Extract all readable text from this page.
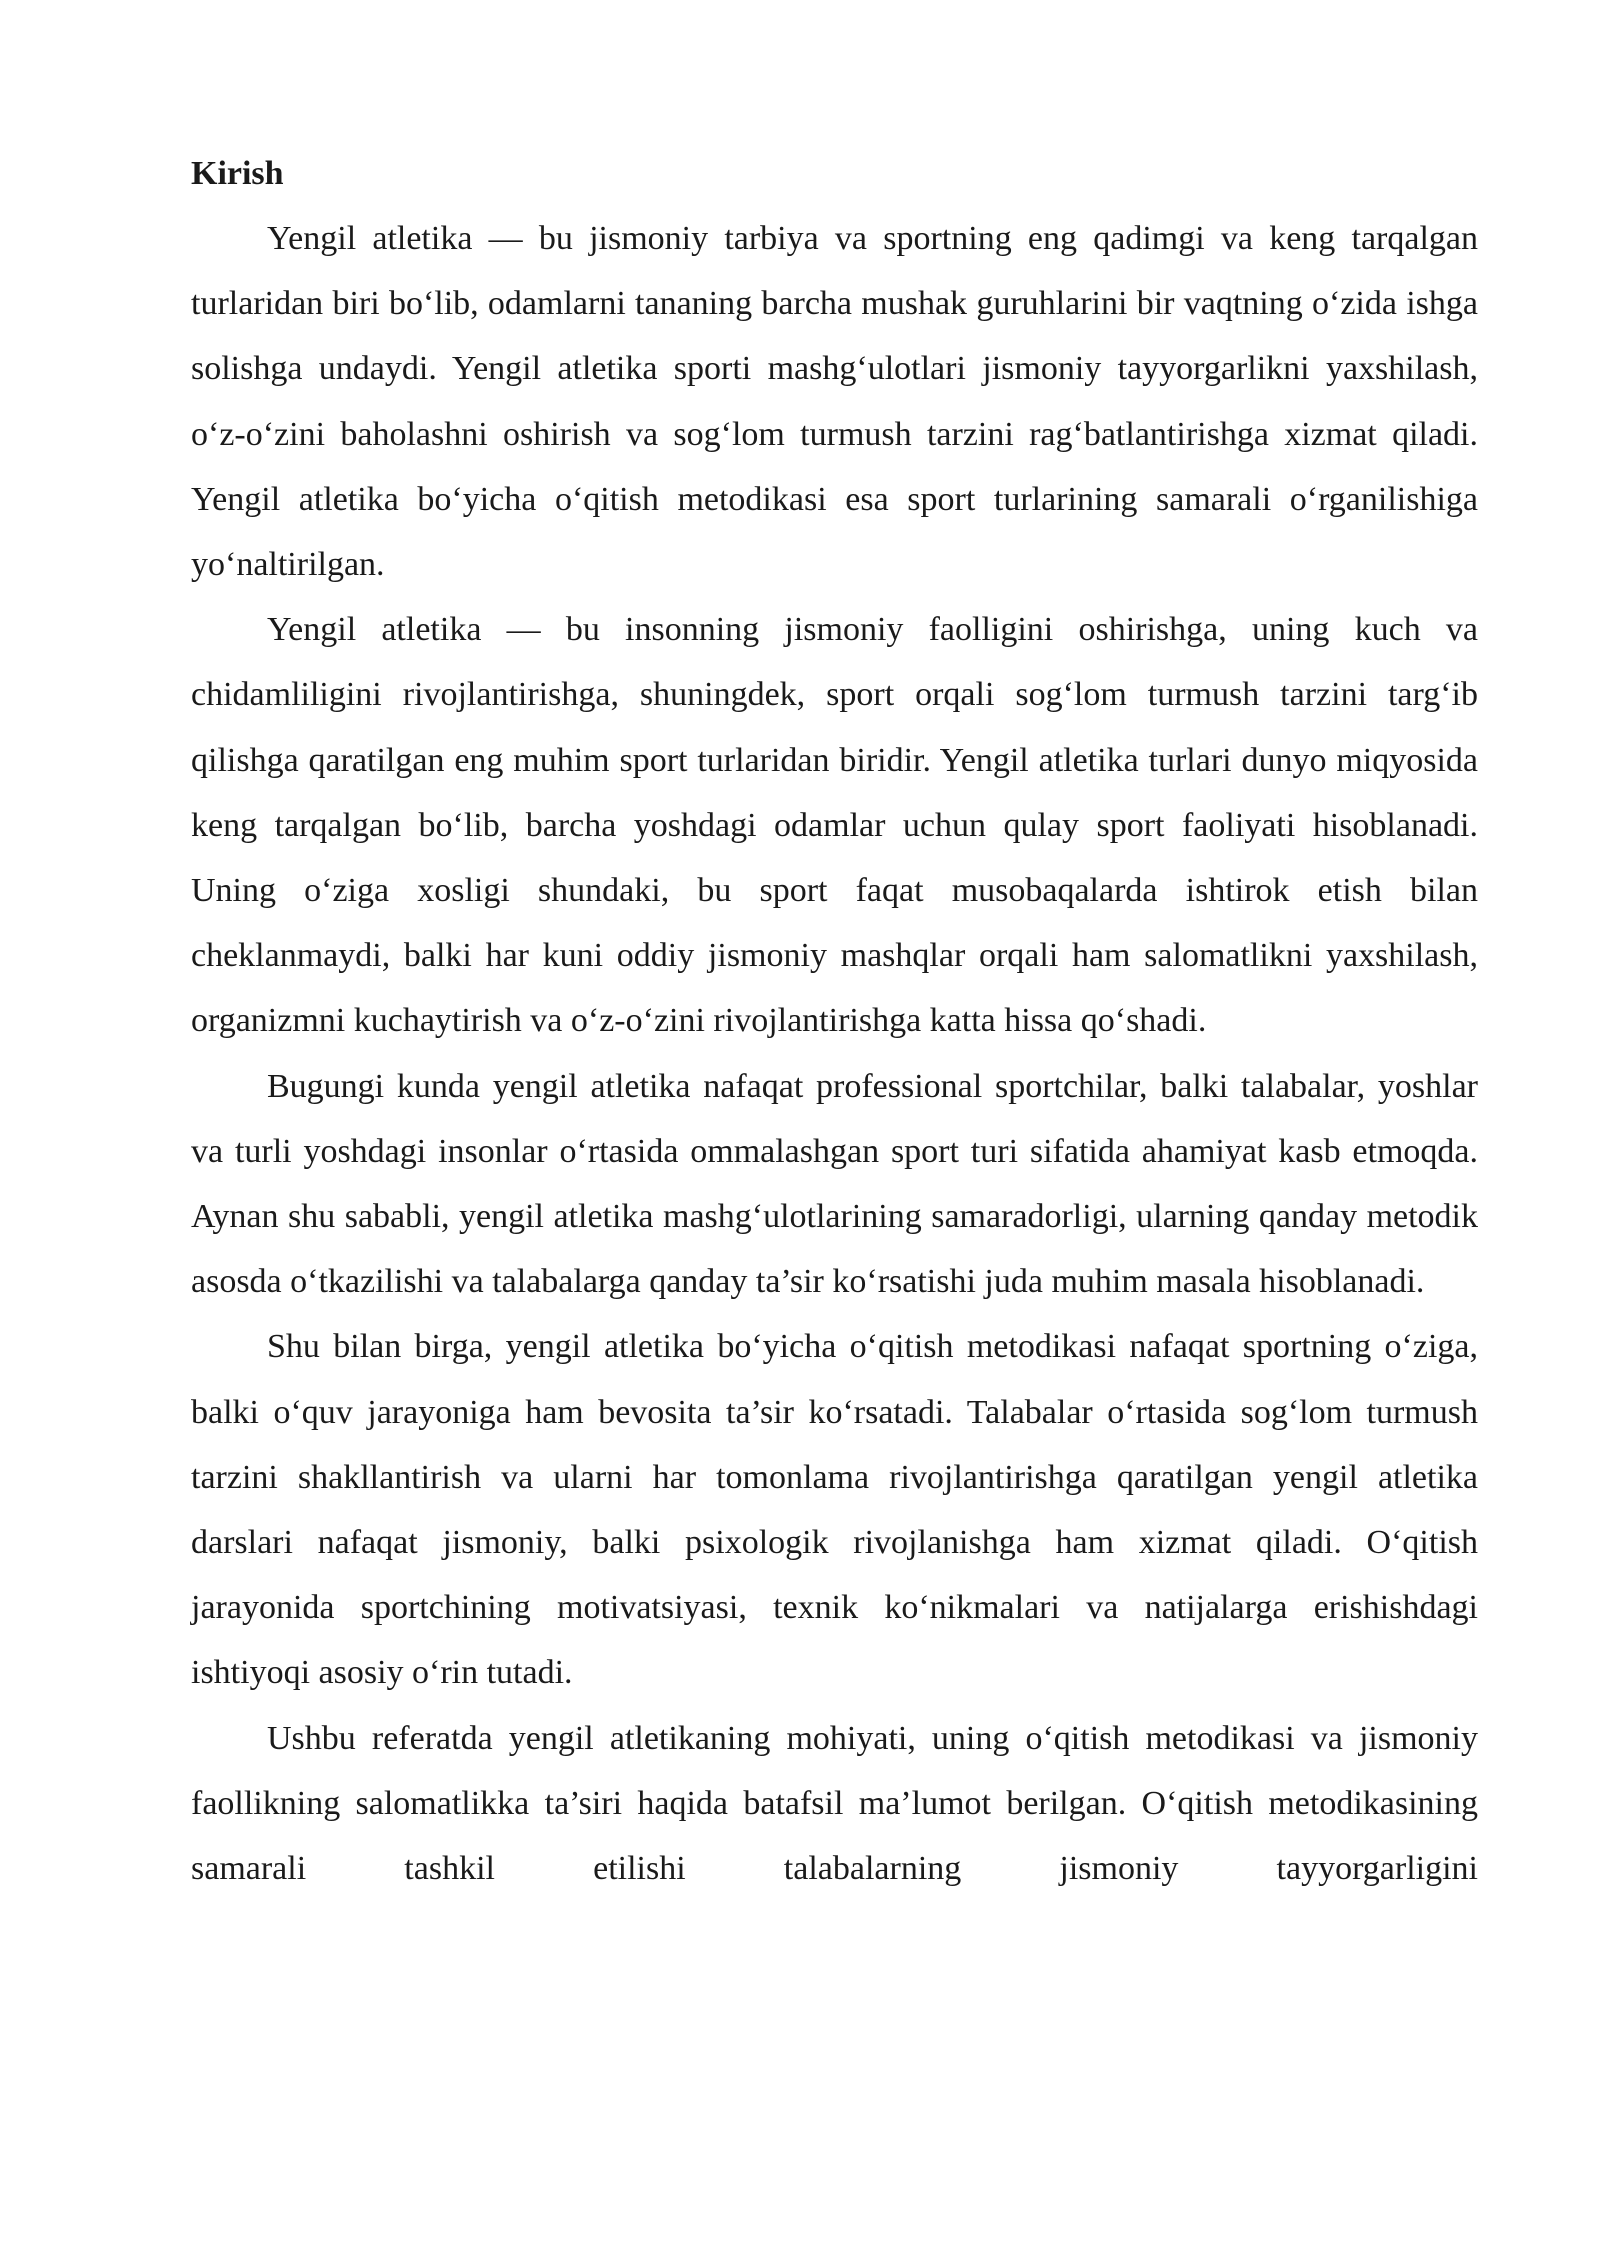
Kirish

Yengil atletika — bu jismoniy tarbiya va sportning eng qadimgi va keng tarqalgan turlaridan biri bo‘lib, odamlarni tananing barcha mushak guruhlarini bir vaqtning o‘zida ishga solishga undaydi. Yengil atletika sporti mashg‘ulotlari jismoniy tayyorgarlikni yaxshilash, o‘z-o‘zini baholashni oshirish va sog‘lom turmush tarzini rag‘batlantirishga xizmat qiladi. Yengil atletika bo‘yicha o‘qitish metodikasi esa sport turlarining samarali o‘rganilishiga yo‘naltirilgan.

Yengil atletika — bu insonning jismoniy faolligini oshirishga, uning kuch va chidamliligini rivojlantirishga, shuningdek, sport orqali sog‘lom turmush tarzini targ‘ib qilishga qaratilgan eng muhim sport turlaridan biridir. Yengil atletika turlari dunyo miqyosida keng tarqalgan bo‘lib, barcha yoshdagi odamlar uchun qulay sport faoliyati hisoblanadi. Uning o‘ziga xosligi shundaki, bu sport faqat musobaqalarda ishtirok etish bilan cheklanmaydi, balki har kuni oddiy jismoniy mashqlar orqali ham salomatlikni yaxshilash, organizmni kuchaytirish va o‘z-o‘zini rivojlantirishga katta hissa qo‘shadi.

Bugungi kunda yengil atletika nafaqat professional sportchilar, balki talabalar, yoshlar va turli yoshdagi insonlar o‘rtasida ommalashgan sport turi sifatida ahamiyat kasb etmoqda. Aynan shu sababli, yengil atletika mashg‘ulotlarining samaradorligi, ularning qanday metodik asosda o‘tkazilishi va talabalarga qanday ta’sir ko‘rsatishi juda muhim masala hisoblanadi.

Shu bilan birga, yengil atletika bo‘yicha o‘qitish metodikasi nafaqat sportning o‘ziga, balki o‘quv jarayoniga ham bevosita ta’sir ko‘rsatadi. Talabalar o‘rtasida sog‘lom turmush tarzini shakllantirish va ularni har tomonlama rivojlantirishga qaratilgan yengil atletika darslari nafaqat jismoniy, balki psixologik rivojlanishga ham xizmat qiladi. O‘qitish jarayonida sportchining motivatsiyasi, texnik ko‘nikmalari va natijalarga erishishdagi ishtiyoqi asosiy o‘rin tutadi.

Ushbu referatda yengil atletikaning mohiyati, uning o‘qitish metodikasi va jismoniy faollikning salomatlikka ta’siri haqida batafsil ma’lumot berilgan. O‘qitish metodikasining samarali tashkil etilishi talabalarning jismoniy tayyorgarligini
